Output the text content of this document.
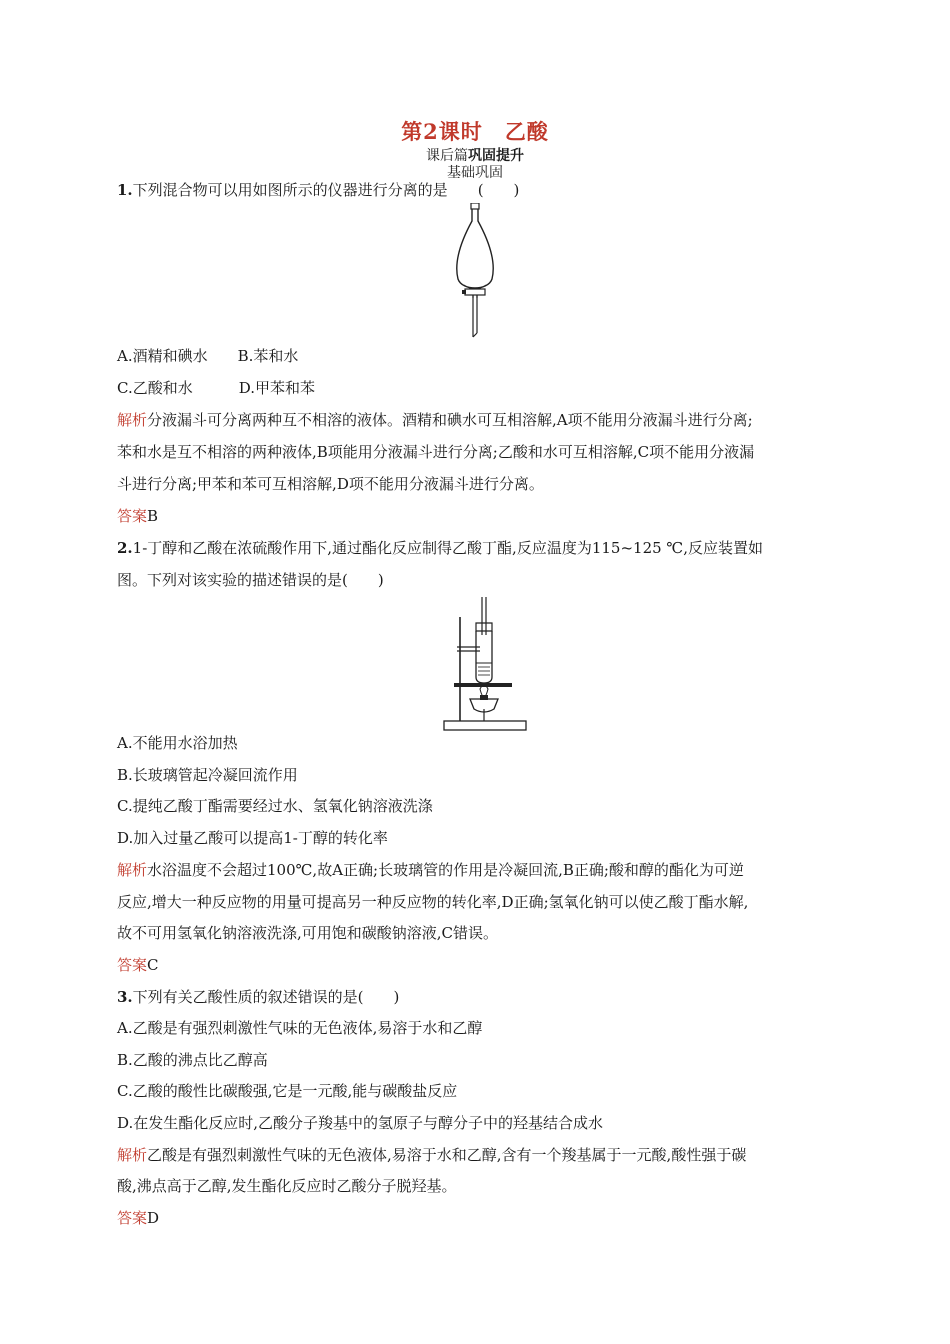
第2课时 乙酸
课后篇巩固提升
基础巩固
1.下列混合物可以用如图所示的仪器进行分离的是 (　　)
A.酒精和碘水 B.苯和水
C.乙酸和水	D.甲苯和苯
解析分液漏斗可分离两种互不相溶的液体。酒精和碘水可互相溶解,A项不能用分液漏斗进行分离;
苯和水是互不相溶的两种液体,B项能用分液漏斗进行分离;乙酸和水可互相溶解,C项不能用分液漏
斗进行分离;甲苯和苯可互相溶解,D项不能用分液漏斗进行分离。
答案B
2.1-丁醇和乙酸在浓硫酸作用下,通过酯化反应制得乙酸丁酯,反应温度为115~125 ℃,反应装置如
图。下列对该实验的描述错误的是(　　)
A.不能用水浴加热
B.长玻璃管起冷凝回流作用
C.提纯乙酸丁酯需要经过水、氢氧化钠溶液洗涤
D.加入过量乙酸可以提高1-丁醇的转化率
解析水浴温度不会超过100℃,故A正确;长玻璃管的作用是冷凝回流,B正确;酸和醇的酯化为可逆
反应,增大一种反应物的用量可提高另一种反应物的转化率,D正确;氢氧化钠可以使乙酸丁酯水解,
故不可用氢氧化钠溶液洗涤,可用饱和碳酸钠溶液,C错误。
答案C
3.下列有关乙酸性质的叙述错误的是(　　)
A.乙酸是有强烈刺激性气味的无色液体,易溶于水和乙醇
B.乙酸的沸点比乙醇高
C.乙酸的酸性比碳酸强,它是一元酸,能与碳酸盐反应
D.在发生酯化反应时,乙酸分子羧基中的氢原子与醇分子中的羟基结合成水
解析乙酸是有强烈刺激性气味的无色液体,易溶于水和乙醇,含有一个羧基属于一元酸,酸性强于碳
酸,沸点高于乙醇,发生酯化反应时乙酸分子脱羟基。
答案D
